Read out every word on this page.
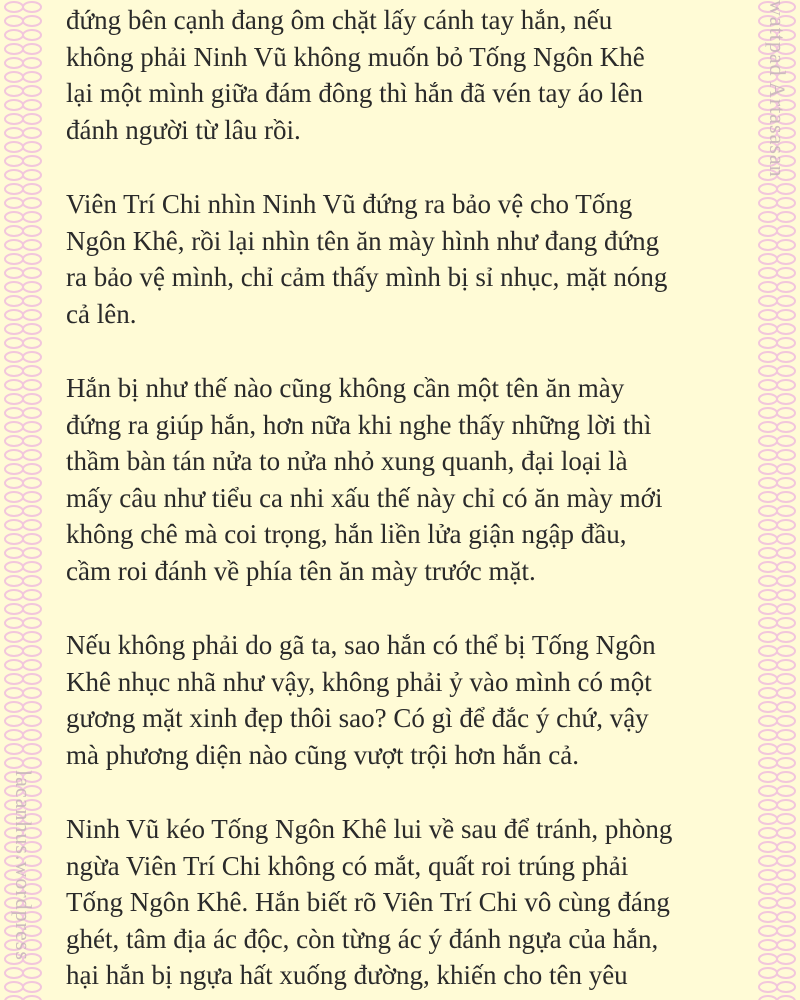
wattpad Artasasan
lacanhus.wordpress

đứng bên cạnh đang ôm chặt lấy cánh tay hắn, nếu
không phải Ninh Vũ không muốn bỏ Tống Ngôn Khê
lại một mình giữa đám đông thì hắn đã vén tay áo lên
đánh người từ lâu rồi.

Viên Trí Chi nhìn Ninh Vũ đứng ra bảo vệ cho Tống
Ngôn Khê, rồi lại nhìn tên ăn mày hình như đang đứng
ra bảo vệ mình, chỉ cảm thấy mình bị sỉ nhục, mặt nóng
cả lên.

Hắn bị như thế nào cũng không cần một tên ăn mày
đứng ra giúp hắn, hơn nữa khi nghe thấy những lời thì
thầm bàn tán nửa to nửa nhỏ xung quanh, đại loại là
mấy câu như tiểu ca nhi xấu thế này chỉ có ăn mày mới
không chê mà coi trọng, hắn liền lửa giận ngập đầu,
cầm roi đánh về phía tên ăn mày trước mặt.

Nếu không phải do gã ta, sao hắn có thể bị Tống Ngôn
Khê nhục nhã như vậy, không phải ỷ vào mình có một
gương mặt xinh đẹp thôi sao? Có gì để đắc ý chứ, vậy
mà phương diện nào cũng vượt trội hơn hắn cả.

Ninh Vũ kéo Tống Ngôn Khê lui về sau để tránh, phòng
ngừa Viên Trí Chi không có mắt, quất roi trúng phải
Tống Ngôn Khê. Hắn biết rõ Viên Trí Chi vô cùng đáng
ghét, tâm địa ác độc, còn từng ác ý đánh ngựa của hắn,
hại hắn bị ngựa hất xuống đường, khiến cho tên yêu
